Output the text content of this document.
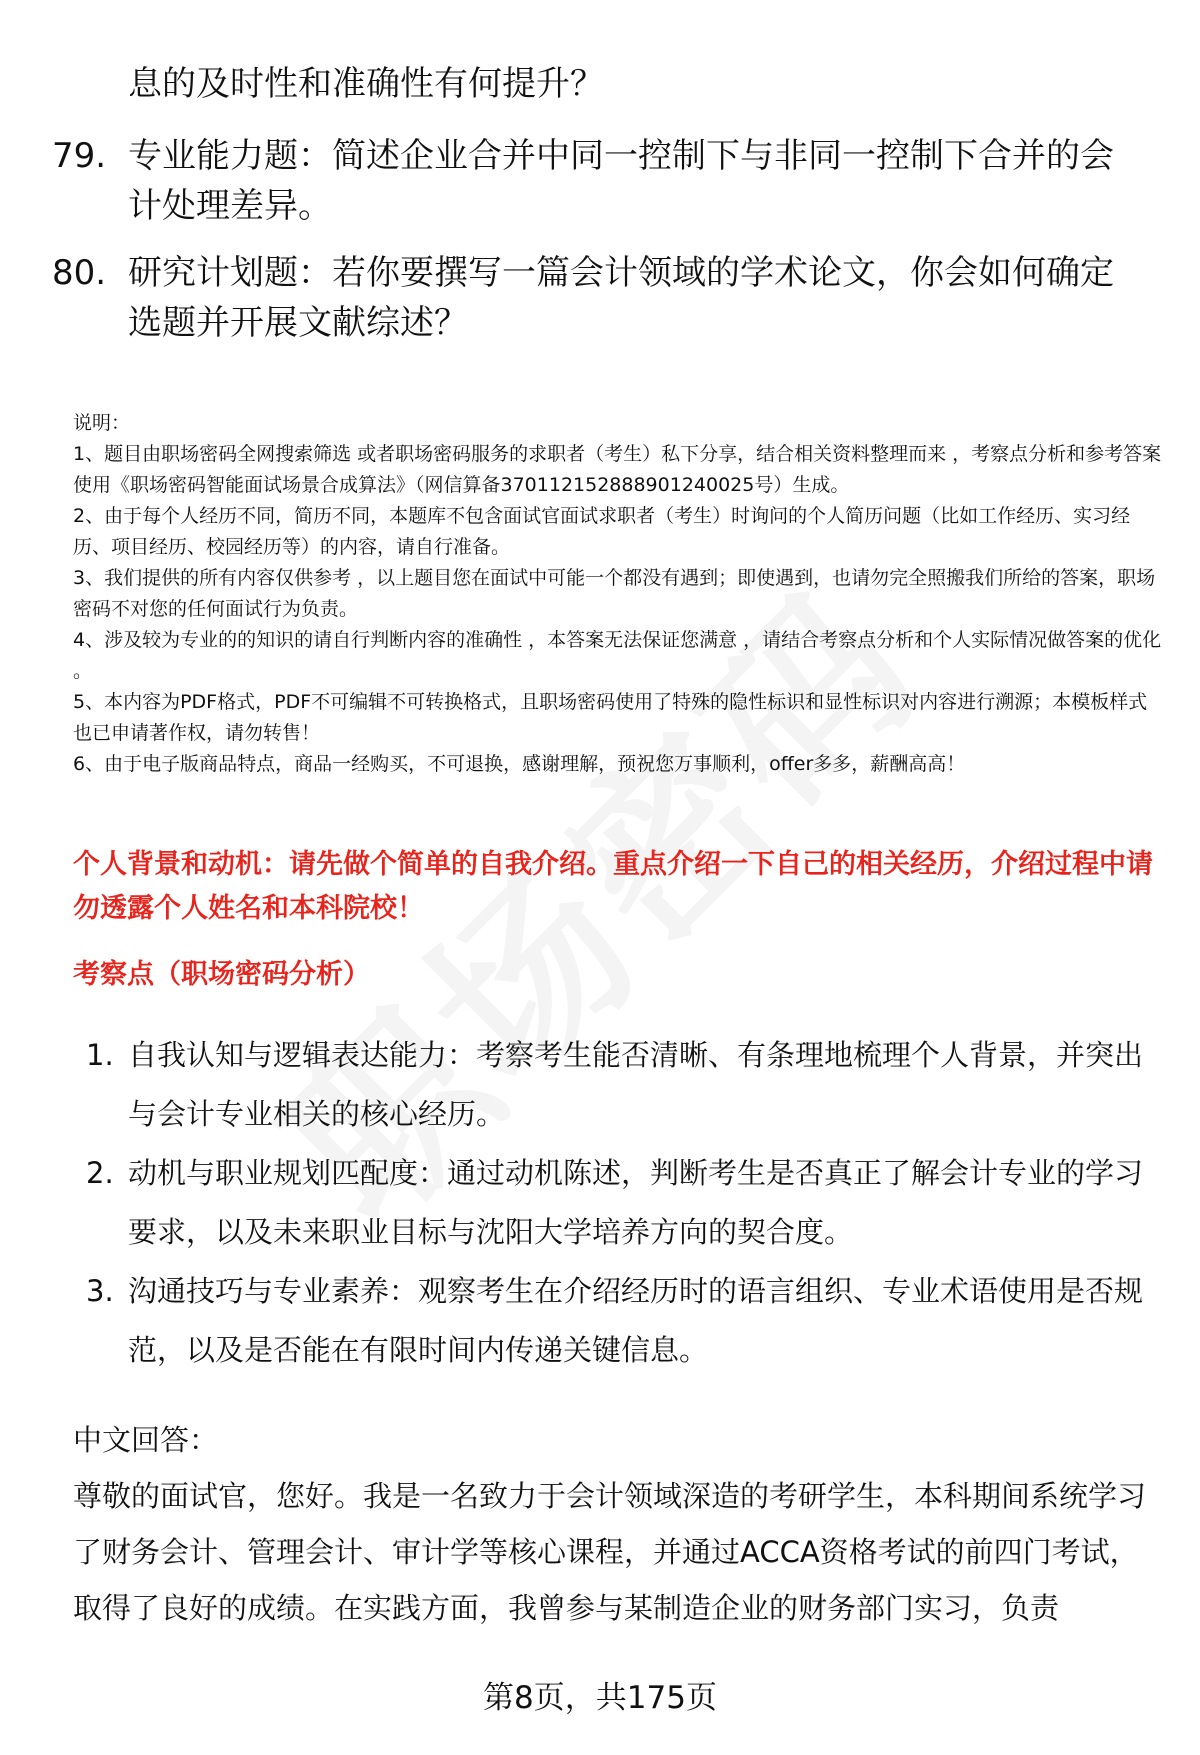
息的及时性和准确性有何提升？
79. 专业能力题：简述企业合并中同一控制下与非同一控制下合并的会计处理差异。
80. 研究计划题：若你要撰写一篇会计领域的学术论文，你会如何确定选题并开展文献综述？

说明：

1、题目由职场密码全网搜索筛选 或者职场密码服务的求职者（考生）私下分享，结合相关资料整理而来 ，考察点分析和参考答案使用《职场密码智能面试场景合成算法》（网信算备370112152888901240025号）生成。

2、由于每个人经历不同，简历不同，本题库不包含面试官面试求职者（考生）时询问的个人简历问题（比如工作经历、实习经历、项目经历、校园经历等）的内容，请自行准备。

3、我们提供的所有内容仅供参考 ，以上题目您在面试中可能一个都没有遇到；即使遇到，也请勿完全照搬我们所给的答案，职场密码不对您的任何面试行为负责。

4、涉及较为专业的的知识的请自行判断内容的准确性 ，本答案无法保证您满意 ，请结合考察点分析和个人实际情况做答案的优化 。

5、本内容为PDF格式，PDF不可编辑不可转换格式，且职场密码使用了特殊的隐性标识和显性标识对内容进行溯源；本模板样式也已申请著作权，请勿转售！

6、由于电子版商品特点，商品一经购买，不可退换，感谢理解，预祝您万事顺利，offer多多，薪酬高高！

个人背景和动机：请先做个简单的自我介绍。重点介绍一下自己的相关经历，介绍过程中请勿透露个人姓名和本科院校！
考察点（职场密码分析）
1. 自我认知与逻辑表达能力：考察考生能否清晰、有条理地梳理个人背景，并突出与会计专业相关的核心经历。
2. 动机与职业规划匹配度：通过动机陈述，判断考生是否真正了解会计专业的学习要求，以及未来职业目标与沈阳大学培养方向的契合度。
3. 沟通技巧与专业素养：观察考生在介绍经历时的语言组织、专业术语使用是否规范，以及是否能在有限时间内传递关键信息。
中文回答：
尊敬的面试官，您好。我是一名致力于会计领域深造的考研学生，本科期间系统学习了财务会计、管理会计、审计学等核心课程，并通过ACCA资格考试的前四门考试，取得了良好的成绩。在实践方面，我曾参与某制造企业的财务部门实习，负责
第8页，共175页
